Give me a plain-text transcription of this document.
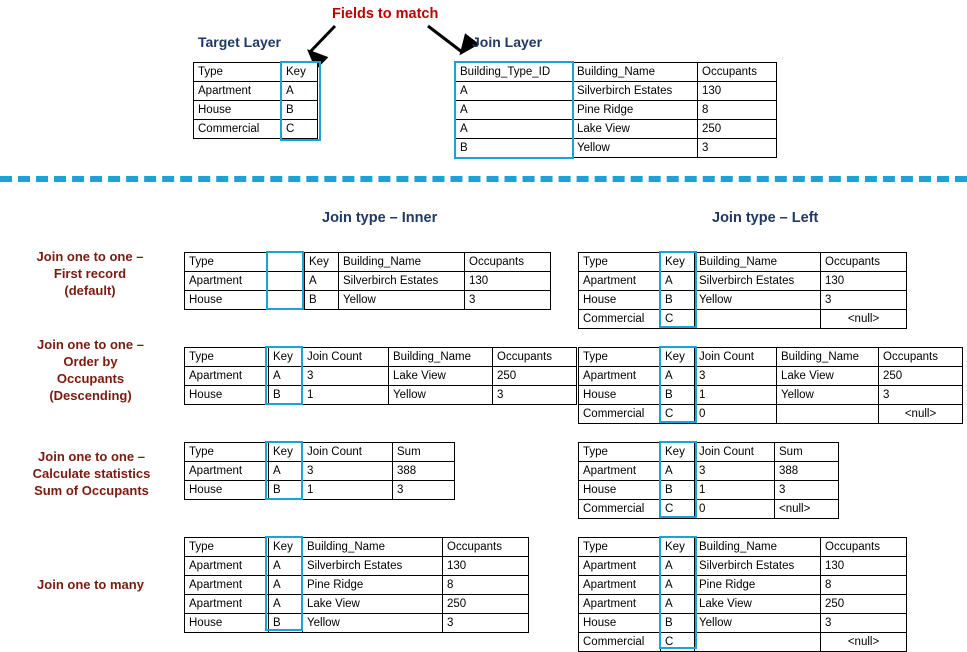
Fields to match
Target Layer	Join Layer
Type	Key
Apartment	A
House	B
Commercial	C
Building_Type_ID	Building_Name	Occupants
A	Silverbirch Estates	130
A	Pine Ridge	8
A	Lake View	250
B	Yellow	3
Join type – Inner	Join type – Left
Join one to one –
First record
(default)
Type	Key	Building_Name	Occupants
Apartment	A	Silverbirch Estates	130
House	B	Yellow	3
Type	Key	Building_Name	Occupants
Apartment	A	Silverbirch Estates	130
House	B	Yellow	3
Commercial	C		<null>
Join one to one –
Order by
Occupants
(Descending)
Type	Key	Join Count	Building_Name	Occupants
Apartment	A	3	Lake View	250
House	B	1	Yellow	3
Type	Key	Join Count	Building_Name	Occupants
Apartment	A	3	Lake View	250
House	B	1	Yellow	3
Commercial	C	0		<null>
Join one to one –
Calculate statistics
Sum of Occupants
Type	Key	Join Count	Sum
Apartment	A	3	388
House	B	1	3
Type	Key	Join Count	Sum
Apartment	A	3	388
House	B	1	3
Commercial	C	0	<null>
Join one to many
Type	Key	Building_Name	Occupants
Apartment	A	Silverbirch Estates	130
Apartment	A	Pine Ridge	8
Apartment	A	Lake View	250
House	B	Yellow	3
Type	Key	Building_Name	Occupants
Apartment	A	Silverbirch Estates	130
Apartment	A	Pine Ridge	8
Apartment	A	Lake View	250
House	B	Yellow	3
Commercial	C		<null>
